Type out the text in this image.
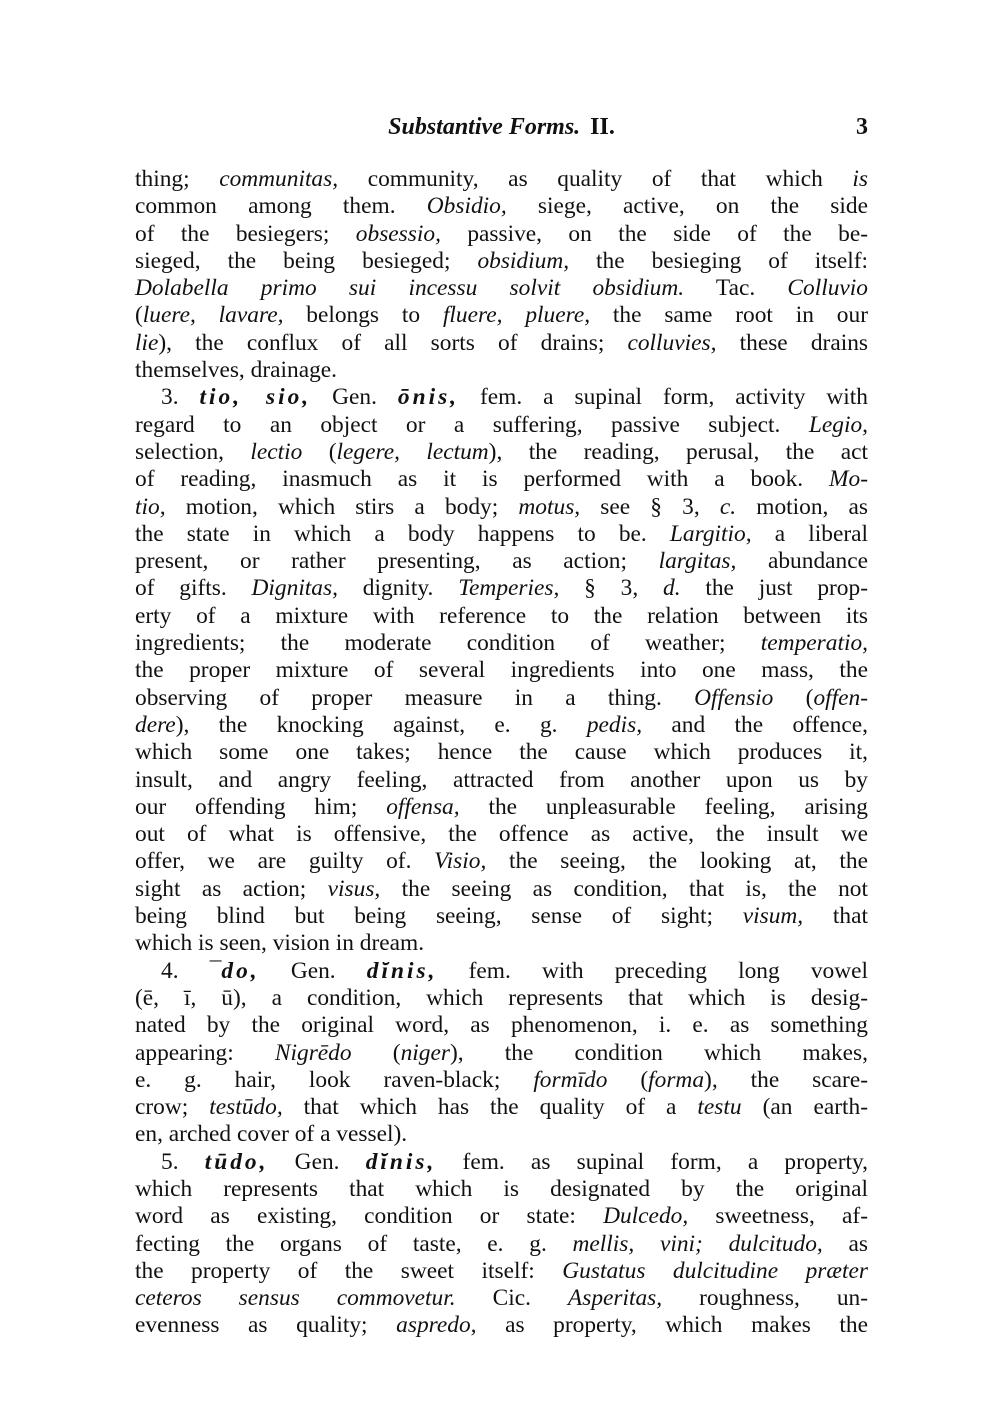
Substantive Forms. II.	3
thing; communitas, community, as quality of that which is
common among them. Obsidio, siege, active, on the side
of the besiegers; obsessio, passive, on the side of the be-
sieged, the being besieged; obsidium, the besieging of itself:
Dolabella primo sui incessu solvit obsidium. Tac. Colluvio
(luere, lavare, belongs to fluere, pluere, the same root in our
lie), the conflux of all sorts of drains; colluvies, these drains
themselves, drainage.
3. tio, sio, Gen. ōnis, fem. a supinal form, activity with
regard to an object or a suffering, passive subject. Legio,
selection, lectio (legere, lectum), the reading, perusal, the act
of reading, inasmuch as it is performed with a book. Mo-
tio, motion, which stirs a body; motus, see § 3, c. motion, as
the state in which a body happens to be. Largitio, a liberal
present, or rather presenting, as action; largitas, abundance
of gifts. Dignitas, dignity. Temperies, § 3, d. the just prop-
erty of a mixture with reference to the relation between its
ingredients; the moderate condition of weather; temperatio,
the proper mixture of several ingredients into one mass, the
observing of proper measure in a thing. Offensio (offen-
dere), the knocking against, e. g. pedis, and the offence,
which some one takes; hence the cause which produces it,
insult, and angry feeling, attracted from another upon us by
our offending him; offensa, the unpleasurable feeling, arising
out of what is offensive, the offence as active, the insult we
offer, we are guilty of. Visio, the seeing, the looking at, the
sight as action; visus, the seeing as condition, that is, the not
being blind but being seeing, sense of sight; visum, that
which is seen, vision in dream.
4. ¯do, Gen. dĭnis, fem. with preceding long vowel
(ē, ī, ū), a condition, which represents that which is desig-
nated by the original word, as phenomenon, i. e. as something
appearing: Nigrēdo (niger), the condition which makes,
e. g. hair, look raven-black; formīdo (forma), the scare-
crow; testūdo, that which has the quality of a testu (an earth-
en, arched cover of a vessel).
5. tūdo, Gen. dĭnis, fem. as supinal form, a property,
which represents that which is designated by the original
word as existing, condition or state: Dulcedo, sweetness, af-
fecting the organs of taste, e. g. mellis, vini; dulcitudo, as
the property of the sweet itself: Gustatus dulcitudine præter
ceteros sensus commovetur. Cic. Asperitas, roughness, un-
evenness as quality; aspredo, as property, which makes the
